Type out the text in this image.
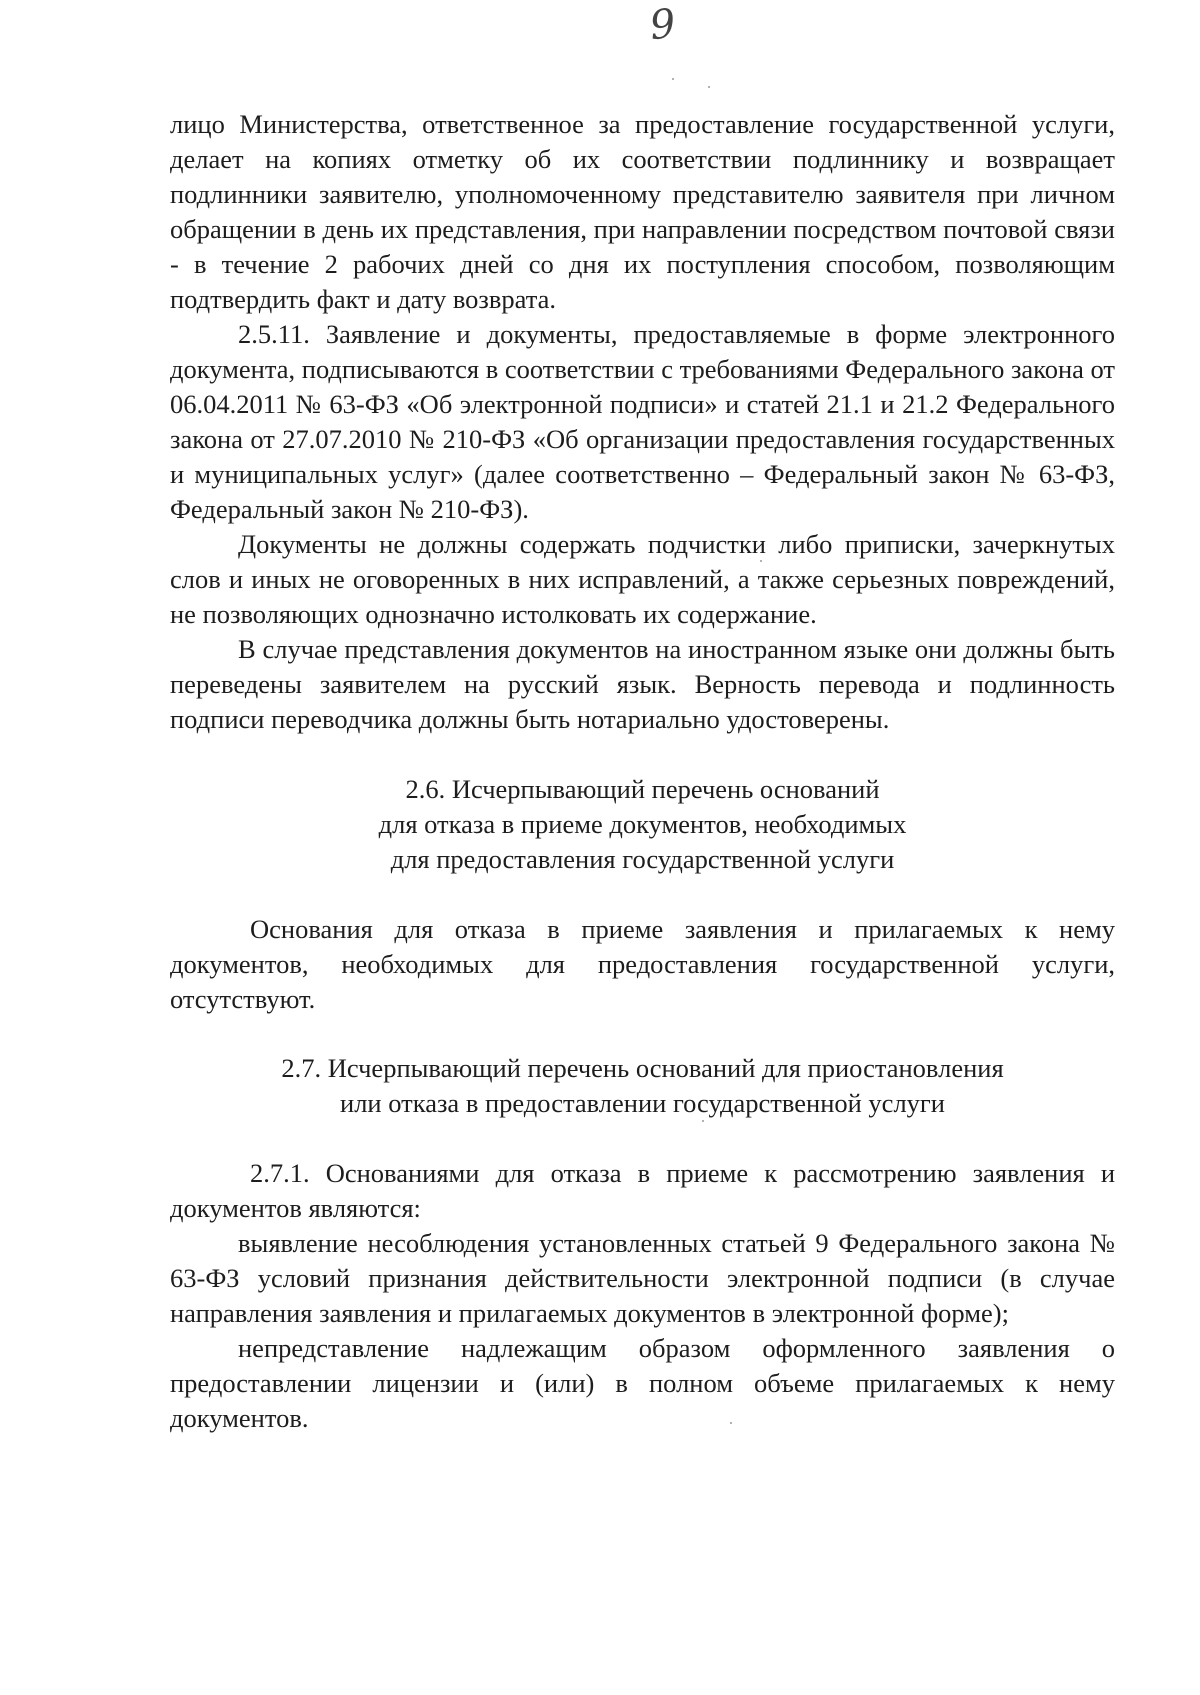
9

лицо Министерства, ответственное за предоставление государственной услуги, делает на копиях отметку об их соответствии подлиннику и возвращает подлинники заявителю, уполномоченному представителю заявителя при личном обращении в день их представления, при направлении посредством почтовой связи - в течение 2 рабочих дней со дня их поступления способом, позволяющим подтвердить факт и дату возврата.

2.5.11. Заявление и документы, предоставляемые в форме электронного документа, подписываются в соответствии с требованиями Федерального закона от 06.04.2011 № 63-ФЗ «Об электронной подписи» и статей 21.1 и 21.2 Федерального закона от 27.07.2010 № 210-ФЗ «Об организации предоставления государственных и муниципальных услуг» (далее соответственно – Федеральный закон № 63-ФЗ, Федеральный закон № 210-ФЗ).

Документы не должны содержать подчистки либо приписки, зачеркнутых слов и иных не оговоренных в них исправлений, а также серьезных повреждений, не позволяющих однозначно истолковать их содержание.

В случае представления документов на иностранном языке они должны быть переведены заявителем на русский язык. Верность перевода и подлинность подписи переводчика должны быть нотариально удостоверены.

2.6. Исчерпывающий перечень оснований
для отказа в приеме документов, необходимых
для предоставления государственной услуги

Основания для отказа в приеме заявления и прилагаемых к нему документов, необходимых для предоставления государственной услуги, отсутствуют.

2.7. Исчерпывающий перечень оснований для приостановления
или отказа в предоставлении государственной услуги

2.7.1. Основаниями для отказа в приеме к рассмотрению заявления и документов являются:

выявление несоблюдения установленных статьей 9 Федерального закона № 63-ФЗ условий признания действительности электронной подписи (в случае направления заявления и прилагаемых документов в электронной форме);

непредставление надлежащим образом оформленного заявления о предоставлении лицензии и (или) в полном объеме прилагаемых к нему документов.
